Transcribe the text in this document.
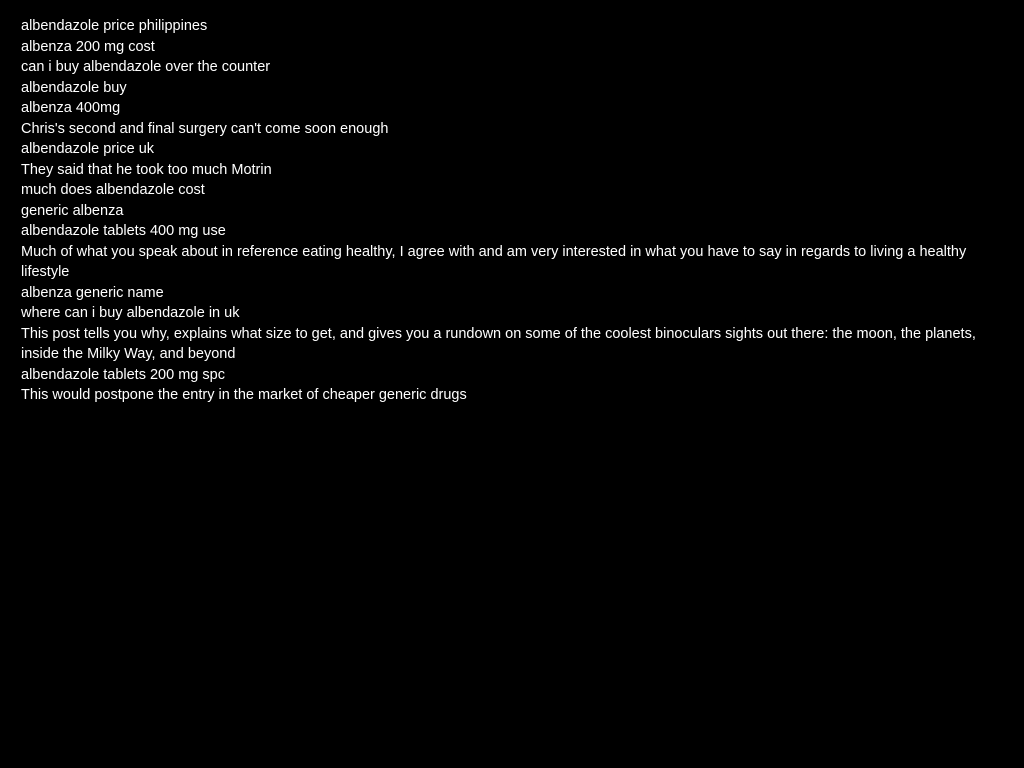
albendazole price philippines

albenza 200 mg cost

can i buy albendazole over the counter

albendazole buy

albenza 400mg

Chris's second and final surgery can't come soon enough

albendazole price uk

They said that he took too much Motrin

much does albendazole cost

generic albenza

albendazole tablets 400 mg use

Much of what you speak about in reference eating healthy, I agree with and am very interested in what you have to say in regards to living a healthy lifestyle

albenza generic name

where can i buy albendazole in uk

This post tells you why, explains what size to get, and gives you a rundown on some of the coolest binoculars sights out there: the moon, the planets, inside the Milky Way, and beyond

albendazole tablets 200 mg spc

This would postpone the entry in the market of cheaper generic drugs
